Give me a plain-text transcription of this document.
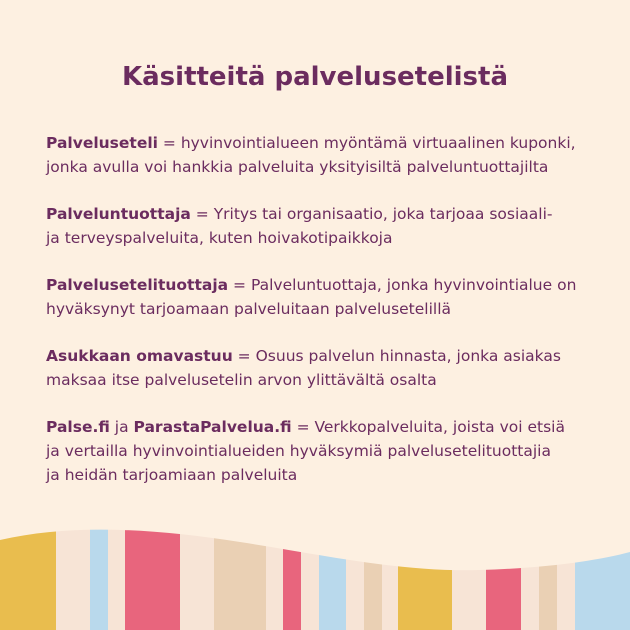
Käsitteitä palvelusetelistä

Palveluseteli = hyvinvointialueen myöntämä virtuaalinen kuponki,
jonka avulla voi hankkia palveluita yksityisiltä palveluntuottajilta

Palveluntuottaja = Yritys tai organisaatio, joka tarjoaa sosiaali-
ja terveyspalveluita, kuten hoivakotipaikkoja

Palvelusetelituottaja = Palveluntuottaja, jonka hyvinvointialue on
hyväksynyt tarjoamaan palveluitaan palvelusetelillä

Asukkaan omavastuu = Osuus palvelun hinnasta, jonka asiakas
maksaa itse palvelusetelin arvon ylittävältä osalta

Palse.fi ja ParastaPalvelua.fi = Verkkopalveluita, joista voi etsiä
ja vertailla hyvinvointialueiden hyväksymiä palvelusetelituottajia
ja heidän tarjoamiaan palveluita
